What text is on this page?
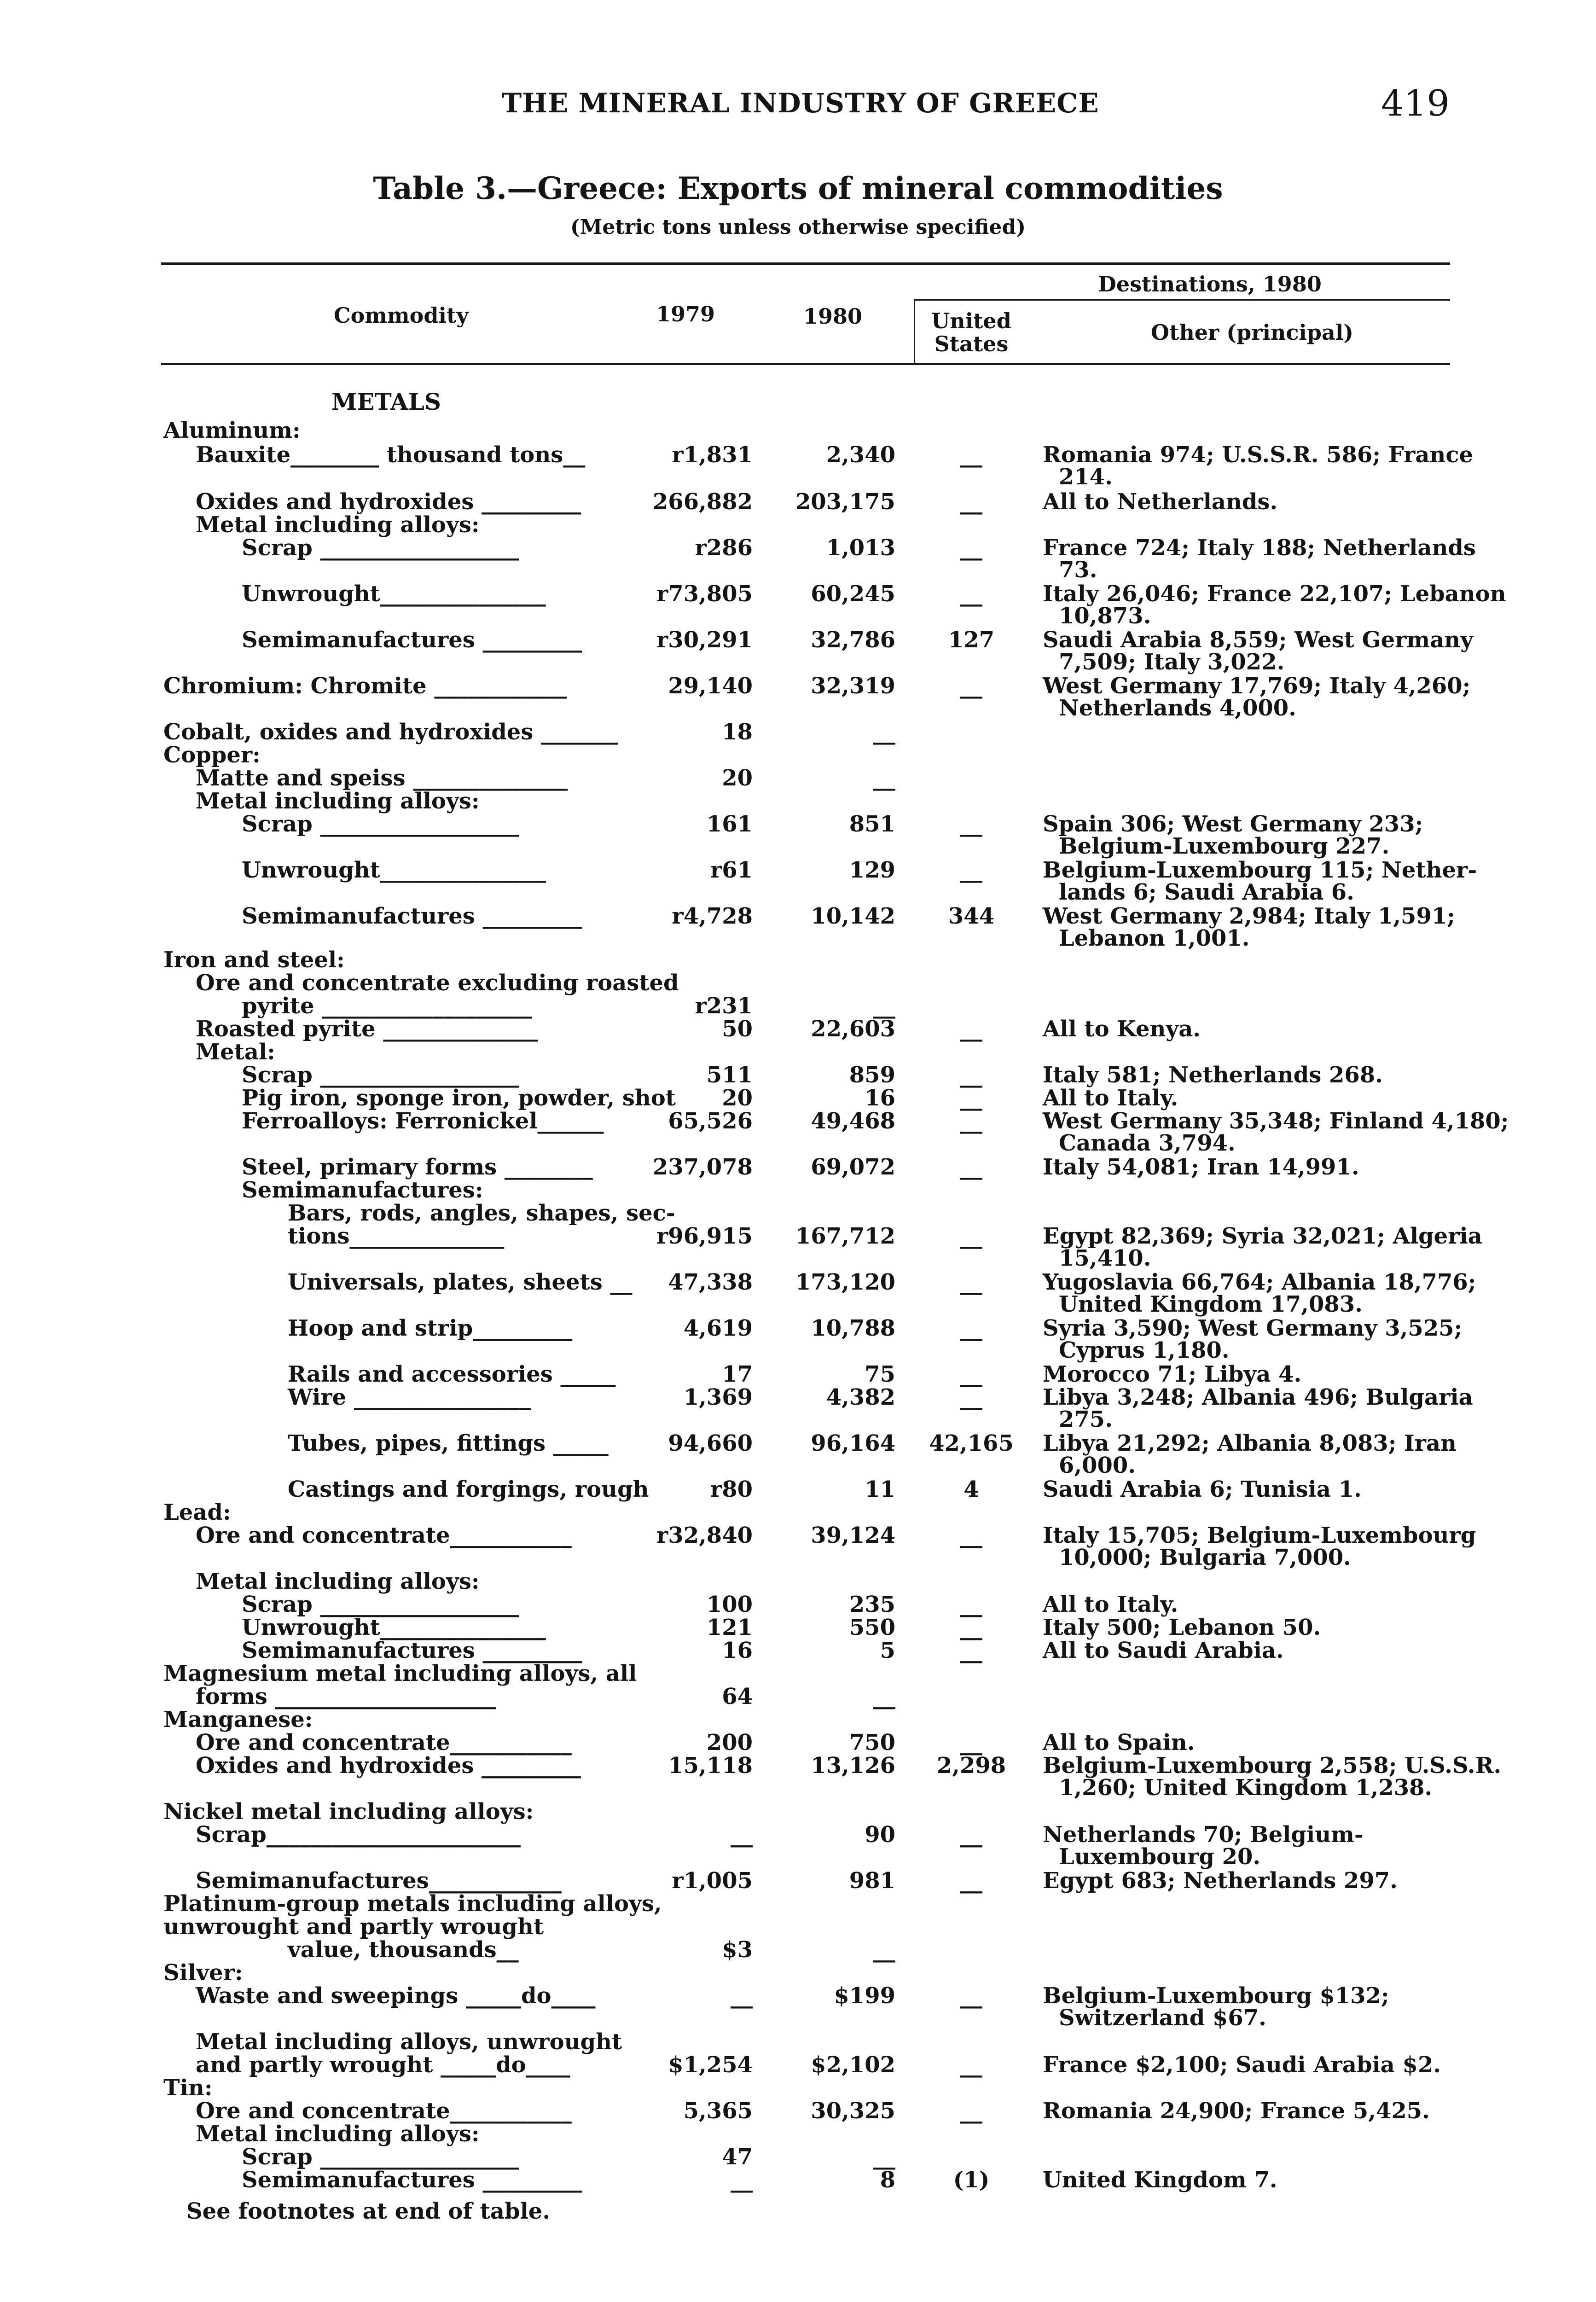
THE MINERAL INDUSTRY OF GREECE	419
Table 3.—Greece: Exports of mineral commodities
(Metric tons unless otherwise specified)
Commodity	1979	1980
Destinations, 1980
United
States	Other (principal)
METALS
Aluminum:
Bauxite________ thousand tons__	r1,831	2,340	__	Romania 974; U.S.S.R. 586; France
214.
Oxides and hydroxides _________	266,882	203,175	__	All to Netherlands.
Metal including alloys:
Scrap __________________	r286	1,013	__	France 724; Italy 188; Netherlands
73.
Unwrought_______________	r73,805	60,245	__	Italy 26,046; France 22,107; Lebanon
10,873.
Semimanufactures _________	r30,291	32,786	127	Saudi Arabia 8,559; West Germany
7,509; Italy 3,022.
Chromium: Chromite ____________	29,140	32,319	__	West Germany 17,769; Italy 4,260;
Netherlands 4,000.
Cobalt, oxides and hydroxides _______	18	__
Copper:
Matte and speiss ______________	20	__
Metal including alloys:
Scrap __________________	161	851	__	Spain 306; West Germany 233;
Belgium-Luxembourg 227.
Unwrought_______________	r61	129	__	Belgium-Luxembourg 115; Nether-
lands 6; Saudi Arabia 6.
Semimanufactures _________	r4,728	10,142	344	West Germany 2,984; Italy 1,591;
Lebanon 1,001.
Iron and steel:
Ore and concentrate excluding roasted
pyrite ___________________	r231	__
Roasted pyrite ______________	50	22,603	__	All to Kenya.
Metal:
Scrap __________________	511	859	__	Italy 581; Netherlands 268.
Pig iron, sponge iron, powder, shot	20	16	__	All to Italy.
Ferroalloys: Ferronickel______	65,526	49,468	__	West Germany 35,348; Finland 4,180;
Canada 3,794.
Steel, primary forms ________	237,078	69,072	__	Italy 54,081; Iran 14,991.
Semimanufactures:
Bars, rods, angles, shapes, sec-
tions______________	r96,915	167,712	__	Egypt 82,369; Syria 32,021; Algeria
15,410.
Universals, plates, sheets __	47,338	173,120	__	Yugoslavia 66,764; Albania 18,776;
United Kingdom 17,083.
Hoop and strip_________	4,619	10,788	__	Syria 3,590; West Germany 3,525;
Cyprus 1,180.
Rails and accessories _____	17	75	__	Morocco 71; Libya 4.
Wire ________________	1,369	4,382	__	Libya 3,248; Albania 496; Bulgaria
275.
Tubes, pipes, fittings _____	94,660	96,164	42,165	Libya 21,292; Albania 8,083; Iran
6,000.
Castings and forgings, rough	r80	11	4	Saudi Arabia 6; Tunisia 1.
Lead:
Ore and concentrate___________	r32,840	39,124	__	Italy 15,705; Belgium-Luxembourg
10,000; Bulgaria 7,000.
Metal including alloys:
Scrap __________________	100	235	__	All to Italy.
Unwrought_______________	121	550	__	Italy 500; Lebanon 50.
Semimanufactures _________	16	5	__	All to Saudi Arabia.
Magnesium metal including alloys, all
forms ____________________	64	__
Manganese:
Ore and concentrate___________	200	750	__	All to Spain.
Oxides and hydroxides _________	15,118	13,126	2,298	Belgium-Luxembourg 2,558; U.S.S.R.
1,260; United Kingdom 1,238.
Nickel metal including alloys:
Scrap_______________________	__	90	__	Netherlands 70; Belgium-
Luxembourg 20.
Semimanufactures____________	r1,005	981	__	Egypt 683; Netherlands 297.
Platinum-group metals including alloys,
unwrought and partly wrought
value, thousands__	$3	__
Silver:
Waste and sweepings _____do____	__	$199	__	Belgium-Luxembourg $132;
Switzerland $67.
Metal including alloys, unwrought
and partly wrought _____do____	$1,254	$2,102	__	France $2,100; Saudi Arabia $2.
Tin:
Ore and concentrate___________	5,365	30,325	__	Romania 24,900; France 5,425.
Metal including alloys:
Scrap __________________	47	__
Semimanufactures _________	__	8	(1)	United Kingdom 7.
See footnotes at end of table.
